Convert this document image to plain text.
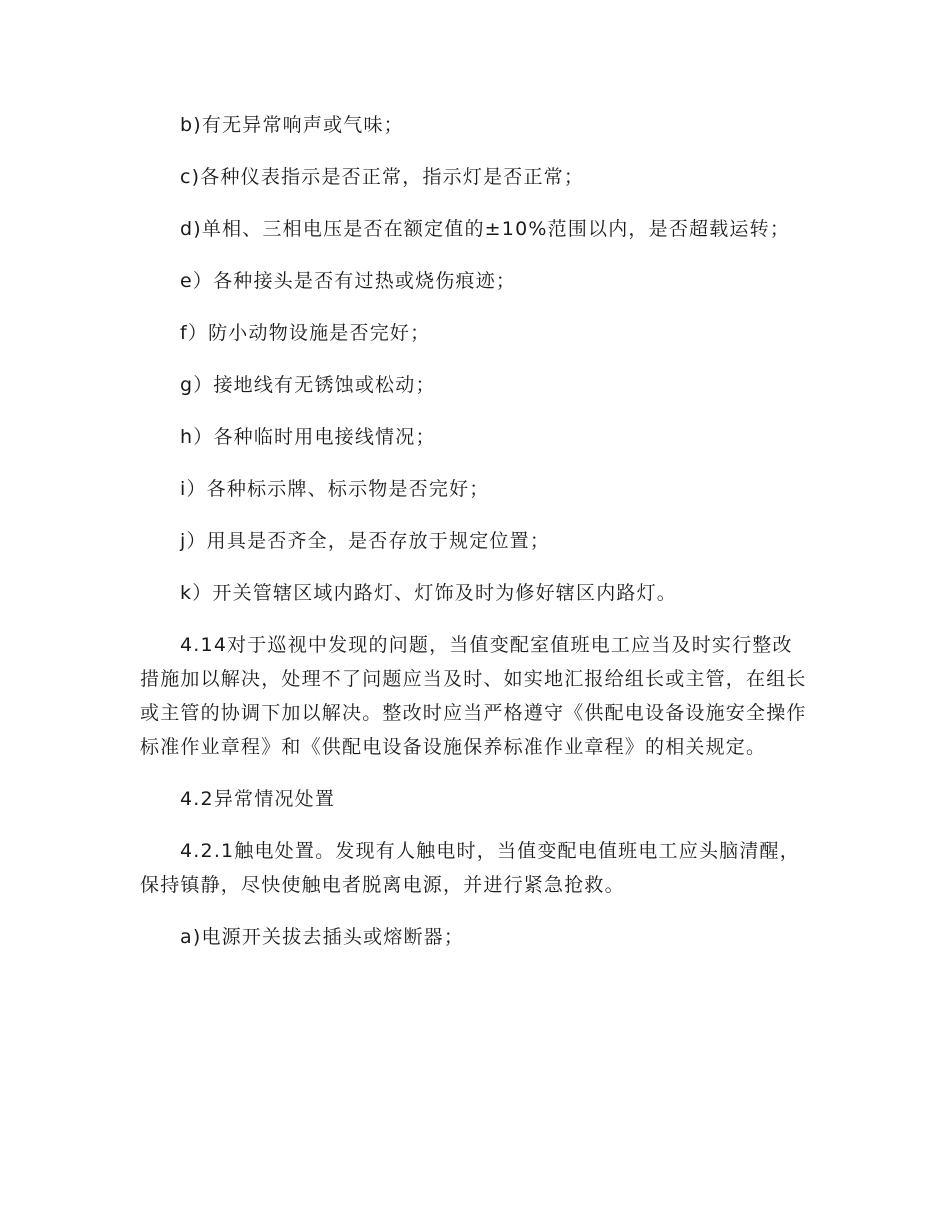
b)有无异常响声或气味；

c)各种仪表指示是否正常，指示灯是否正常；

d)单相、三相电压是否在额定值的±10%范围以内，是否超载运转；

e）各种接头是否有过热或烧伤痕迹；

f）防小动物设施是否完好；

g）接地线有无锈蚀或松动；

h）各种临时用电接线情况；

i）各种标示牌、标示物是否完好；

j）用具是否齐全，是否存放于规定位置；

k）开关管辖区域内路灯、灯饰及时为修好辖区内路灯。

4.14对于巡视中发现的问题，当值变配室值班电工应当及时实行整改措施加以解决，处理不了问题应当及时、如实地汇报给组长或主管，在组长或主管的协调下加以解决。整改时应当严格遵守《供配电设备设施安全操作标准作业章程》和《供配电设备设施保养标准作业章程》的相关规定。

4.2异常情况处置

4.2.1触电处置。发现有人触电时，当值变配电值班电工应头脑清醒，保持镇静，尽快使触电者脱离电源，并进行紧急抢救。

a)电源开关拔去插头或熔断器；
